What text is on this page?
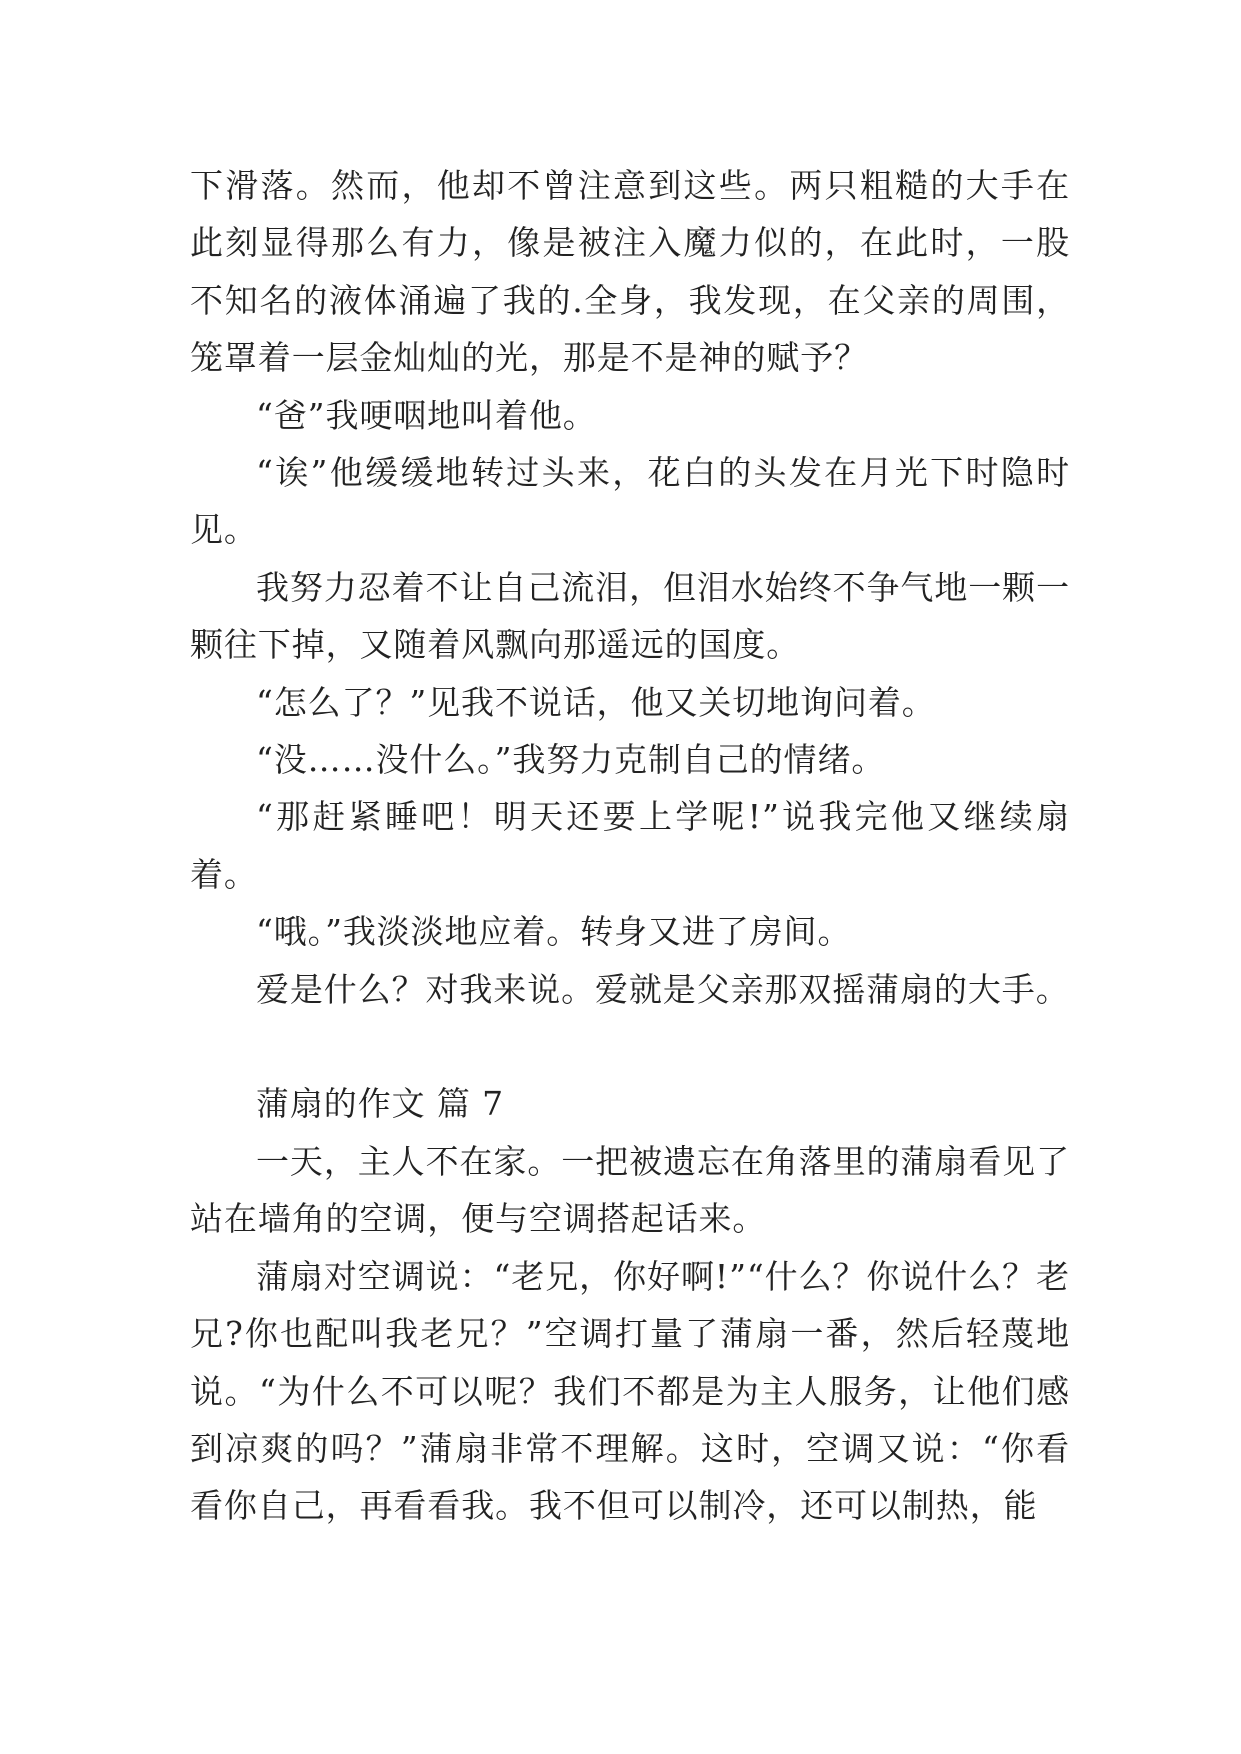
下滑落。然而，他却不曾注意到这些。两只粗糙的大手在此刻显得那么有力，像是被注入魔力似的，在此时，一股不知名的液体涌遍了我的.全身，我发现，在父亲的周围，笼罩着一层金灿灿的光，那是不是神的赋予？

“爸”我哽咽地叫着他。

“诶”他缓缓地转过头来，花白的头发在月光下时隐时见。

我努力忍着不让自己流泪，但泪水始终不争气地一颗一颗往下掉，又随着风飘向那遥远的国度。

“怎么了？”见我不说话，他又关切地询问着。

“没……没什么。”我努力克制自己的情绪。

“那赶紧睡吧！明天还要上学呢!”说我完他又继续扇着。

“哦。”我淡淡地应着。转身又进了房间。

爱是什么？对我来说。爱就是父亲那双摇蒲扇的大手。

蒲扇的作文 篇 7

一天，主人不在家。一把被遗忘在角落里的蒲扇看见了站在墙角的空调，便与空调搭起话来。

蒲扇对空调说：“老兄，你好啊!”“什么？你说什么？老兄?你也配叫我老兄？”空调打量了蒲扇一番，然后轻蔑地说。“为什么不可以呢？我们不都是为主人服务，让他们感到凉爽的吗？”蒲扇非常不理解。这时，空调又说：“你看看你自己，再看看我。我不但可以制冷，还可以制热，能
